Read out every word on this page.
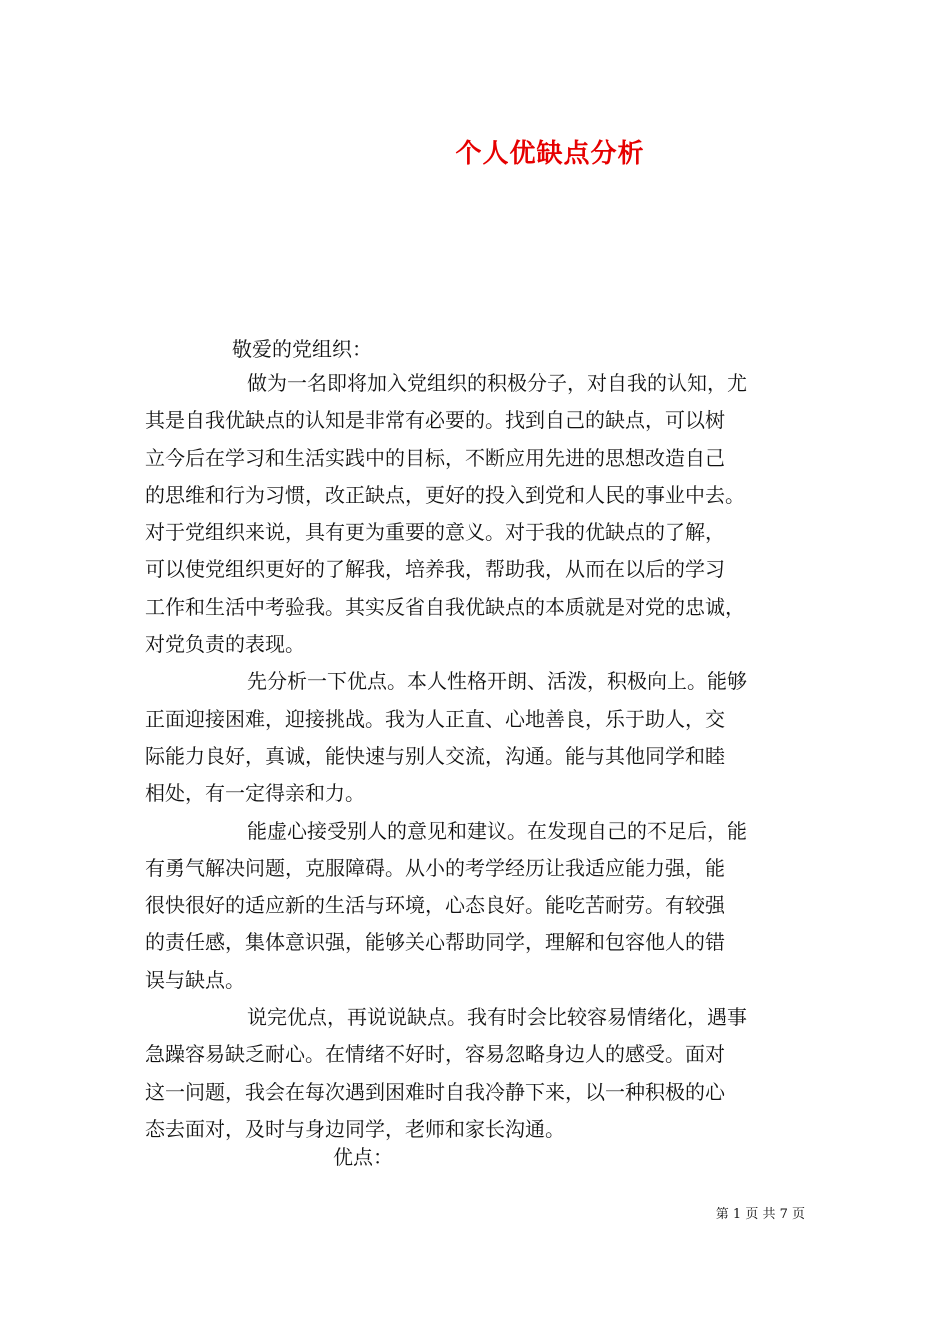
个人优缺点分析
敬爱的党组织：
做为一名即将加入党组织的积极分子，对自我的认知，尤
其是自我优缺点的认知是非常有必要的。找到自己的缺点，可以树
立今后在学习和生活实践中的目标，不断应用先进的思想改造自己
的思维和行为习惯，改正缺点，更好的投入到党和人民的事业中去。
对于党组织来说，具有更为重要的意义。对于我的优缺点的了解，
可以使党组织更好的了解我，培养我，帮助我，从而在以后的学习
工作和生活中考验我。其实反省自我优缺点的本质就是对党的忠诚，
对党负责的表现。
先分析一下优点。本人性格开朗、活泼，积极向上。能够
正面迎接困难，迎接挑战。我为人正直、心地善良，乐于助人，交
际能力良好，真诚，能快速与别人交流，沟通。能与其他同学和睦
相处，有一定得亲和力。
能虚心接受别人的意见和建议。在发现自己的不足后，能
有勇气解决问题，克服障碍。从小的考学经历让我适应能力强，能
很快很好的适应新的生活与环境，心态良好。能吃苦耐劳。有较强
的责任感，集体意识强，能够关心帮助同学，理解和包容他人的错
误与缺点。
说完优点，再说说缺点。我有时会比较容易情绪化，遇事
急躁容易缺乏耐心。在情绪不好时，容易忽略身边人的感受。面对
这一问题，我会在每次遇到困难时自我冷静下来，以一种积极的心
态去面对，及时与身边同学，老师和家长沟通。
优点：
第 1 页 共 7 页
